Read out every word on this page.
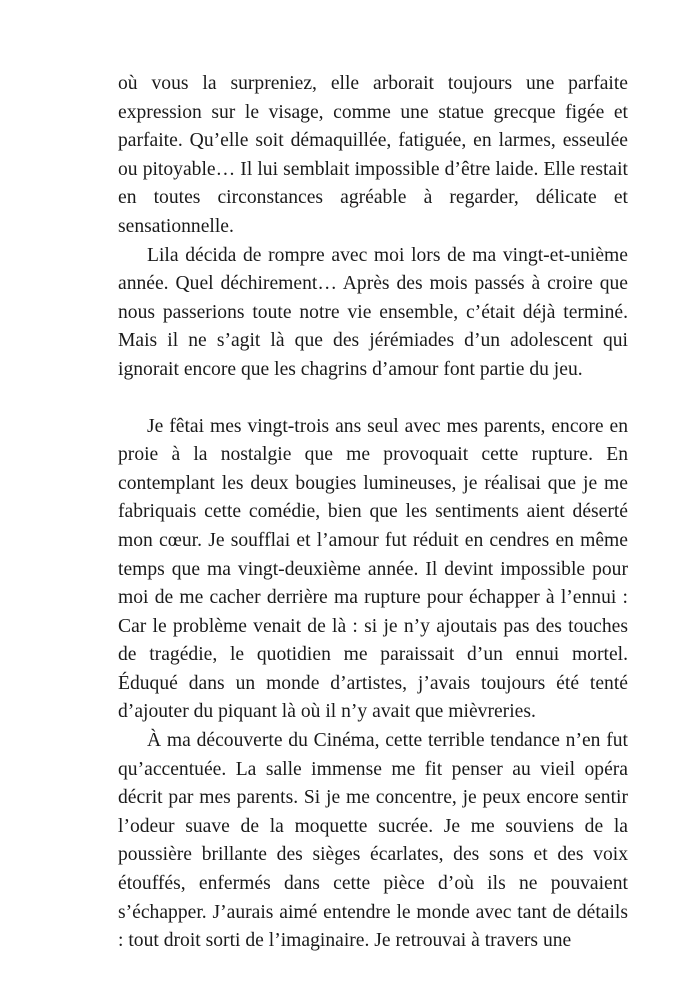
où vous la surpreniez, elle arborait toujours une parfaite expression sur le visage, comme une statue grecque figée et parfaite. Qu’elle soit démaquillée, fatiguée, en larmes, esseulée ou pitoyable… Il lui semblait impossible d’être laide. Elle restait en toutes circonstances agréable à regarder, délicate et sensationnelle.

Lila décida de rompre avec moi lors de ma vingt-et-unième année. Quel déchirement… Après des mois passés à croire que nous passerions toute notre vie ensemble, c’était déjà terminé. Mais il ne s’agit là que des jérémiades d’un adolescent qui ignorait encore que les chagrins d’amour font partie du jeu.

Je fêtai mes vingt-trois ans seul avec mes parents, encore en proie à la nostalgie que me provoquait cette rupture. En contemplant les deux bougies lumineuses, je réalisai que je me fabriquais cette comédie, bien que les sentiments aient déserté mon cœur. Je soufflai et l’amour fut réduit en cendres en même temps que ma vingt-deuxième année. Il devint impossible pour moi de me cacher derrière ma rupture pour échapper à l’ennui : Car le problème venait de là : si je n’y ajoutais pas des touches de tragédie, le quotidien me paraissait d’un ennui mortel. Éduqué dans un monde d’artistes, j’avais toujours été tenté d’ajouter du piquant là où il n’y avait que mièvreries.

À ma découverte du Cinéma, cette terrible tendance n’en fut qu’accentuée. La salle immense me fit penser au vieil opéra décrit par mes parents. Si je me concentre, je peux encore sentir l’odeur suave de la moquette sucrée. Je me souviens de la poussière brillante des sièges écarlates, des sons et des voix étouffés, enfermés dans cette pièce d’où ils ne pouvaient s’échapper. J’aurais aimé entendre le monde avec tant de détails : tout droit sorti de l’imaginaire. Je retrouvai à travers une
